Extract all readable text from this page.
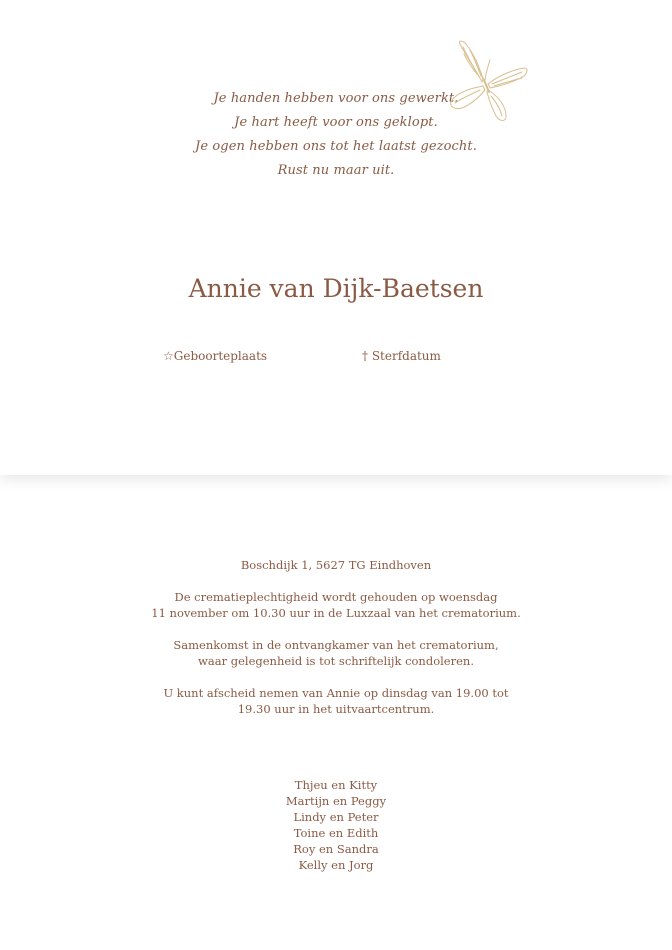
Je handen hebben voor ons gewerkt.
Je hart heeft voor ons geklopt.
Je ogen hebben ons tot het laatst gezocht.
Rust nu maar uit.
Annie van Dijk-Baetsen
☆Geboorteplaats	† Sterfdatum

Boschdijk 1, 5627 TG Eindhoven

De crematieplechtigheid wordt gehouden op woensdag
11 november om 10.30 uur in de Luxzaal van het crematorium.

Samenkomst in de ontvangkamer van het crematorium,
waar gelegenheid is tot schriftelijk condoleren.

U kunt afscheid nemen van Annie op dinsdag van 19.00 tot
19.30 uur in het uitvaartcentrum.

Thjeu en Kitty
Martijn en Peggy
Lindy en Peter
Toine en Edith
Roy en Sandra
Kelly en Jorg
